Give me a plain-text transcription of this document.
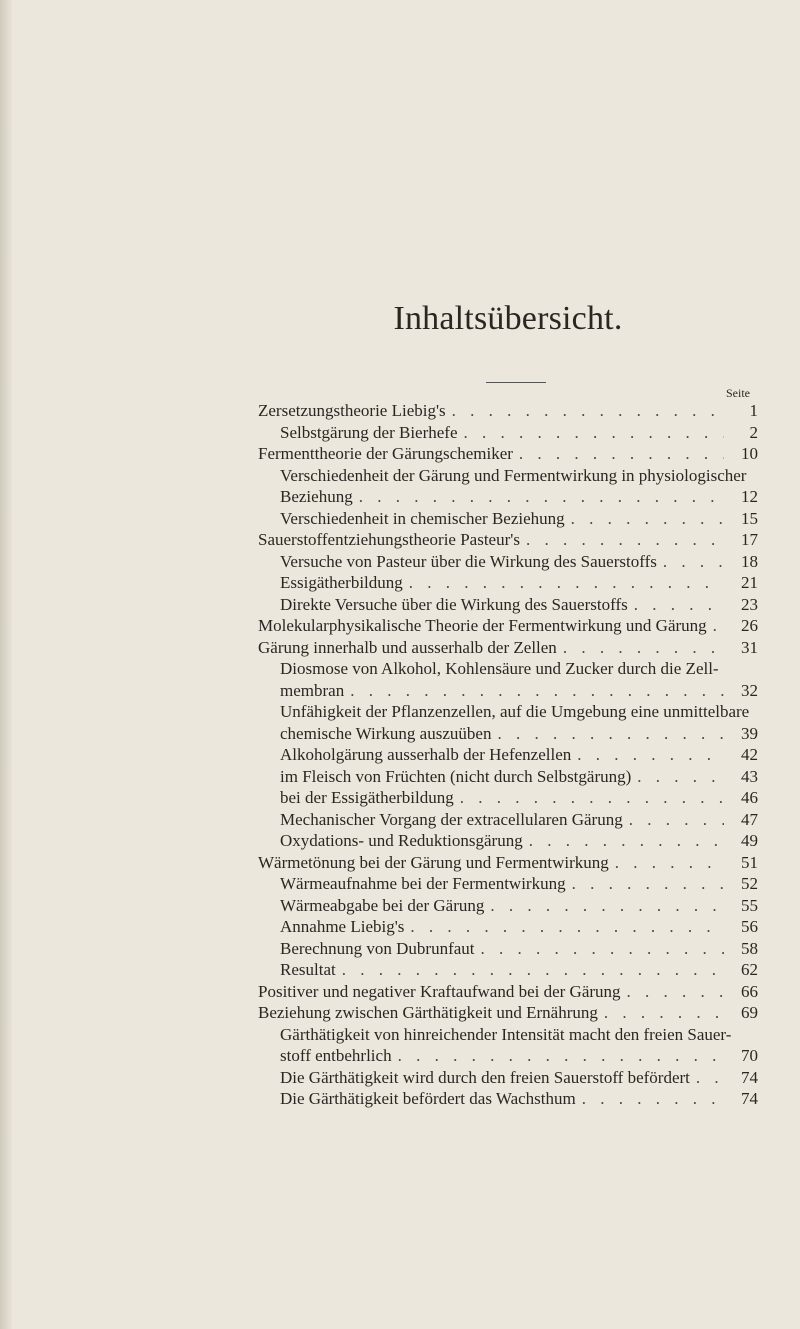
Inhaltsübersicht.
Seite
Zersetzungstheorie Liebig's . . .	1
Selbstgärung der Bierhefe . . .	2
Fermenttheorie der Gärungschemiker . . .	10
Verschiedenheit der Gärung und Fermentwirkung in physiologischer
Beziehung . . .	12
Verschiedenheit in chemischer Beziehung . . .	15
Sauerstoffentziehungstheorie Pasteur's . . .	17
Versuche von Pasteur über die Wirkung des Sauerstoffs . . .	18
Essigätherbildung . . .	21
Direkte Versuche über die Wirkung des Sauerstoffs . . .	23
Molekularphysikalische Theorie der Fermentwirkung und Gärung . . .	26
Gärung innerhalb und ausserhalb der Zellen . . .	31
Diosmose von Alkohol, Kohlensäure und Zucker durch die Zell-
membran . . .	32
Unfähigkeit der Pflanzenzellen, auf die Umgebung eine unmittelbare
chemische Wirkung auszuüben . . .	39
Alkoholgärung ausserhalb der Hefenzellen . . .	42
im Fleisch von Früchten (nicht durch Selbstgärung) . . .	43
bei der Essigätherbildung . . .	46
Mechanischer Vorgang der extracellularen Gärung . . .	47
Oxydations- und Reduktionsgärung . . .	49
Wärmetönung bei der Gärung und Fermentwirkung . . .	51
Wärmeaufnahme bei der Fermentwirkung . . .	52
Wärmeabgabe bei der Gärung . . .	55
Annahme Liebig's . . .	56
Berechnung von Dubrunfaut . . .	58
Resultat . . .	62
Positiver und negativer Kraftaufwand bei der Gärung . . .	66
Beziehung zwischen Gärthätigkeit und Ernährung . . .	69
Gärthätigkeit von hinreichender Intensität macht den freien Sauer-
stoff entbehrlich . . .	70
Die Gärthätigkeit wird durch den freien Sauerstoff befördert . . .	74
Die Gärthätigkeit befördert das Wachsthum . . .	74
